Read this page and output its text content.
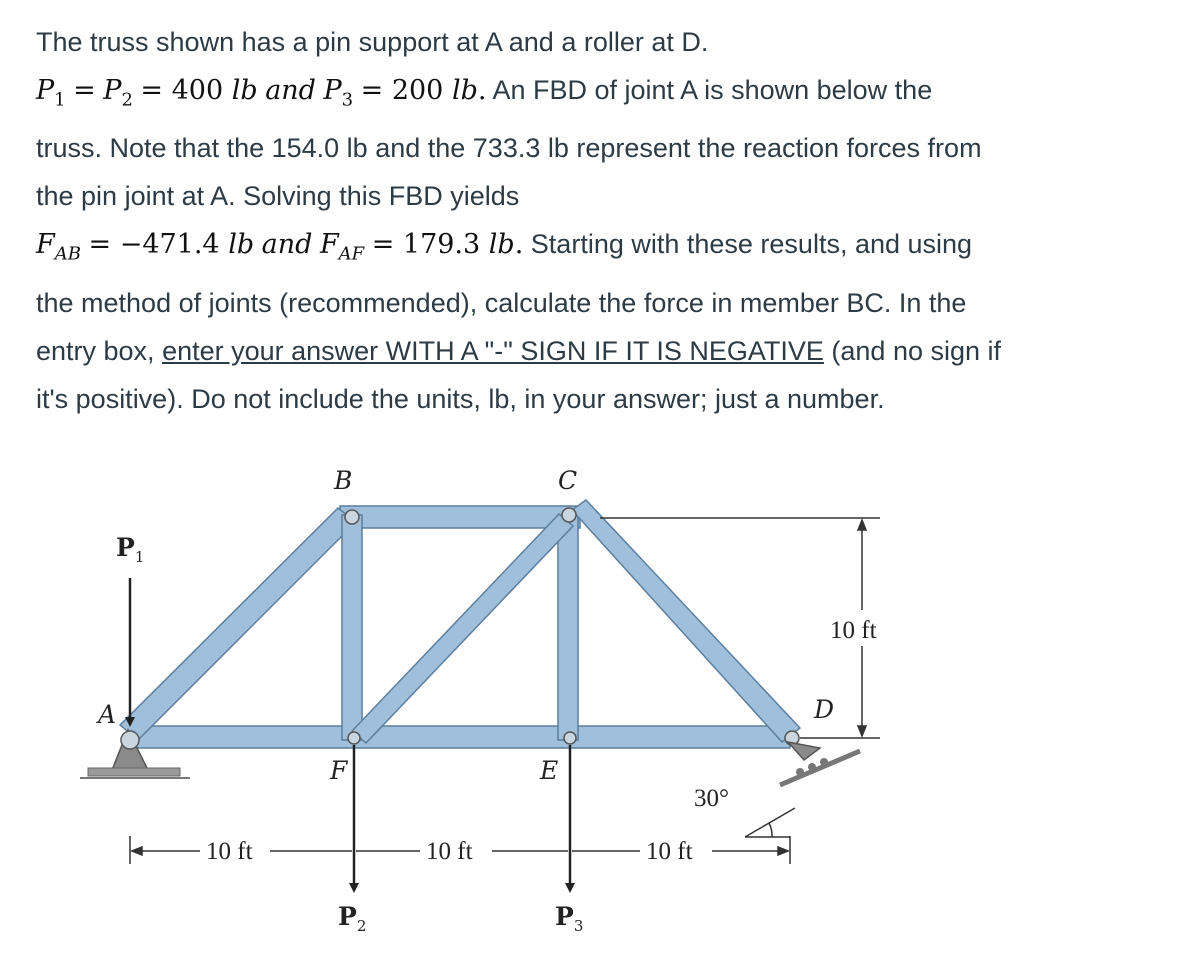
The truss shown has a pin support at A and a roller at D.
$P_1 = P_2 = 400$ lb and $P_3 = 200$ lb. An FBD of joint A is shown below the
truss. Note that the 154.0 lb and the 733.3 lb represent the reaction forces from
the pin joint at A. Solving this FBD yields
$F_{AB} = -471.4$ lb and $F_{AF} = 179.3$ lb. Starting with these results, and using
the method of joints (recommended), calculate the force in member BC. In the
entry box, enter your answer WITH A "-" SIGN IF IT IS NEGATIVE (and no sign if
it's positive). Do not include the units, lb, in your answer; just a number.
$P_1$
$P_2$	$P_3$
B	C
A
F	E
D
10 ft	10 ft	10 ft
30°
10 ft
